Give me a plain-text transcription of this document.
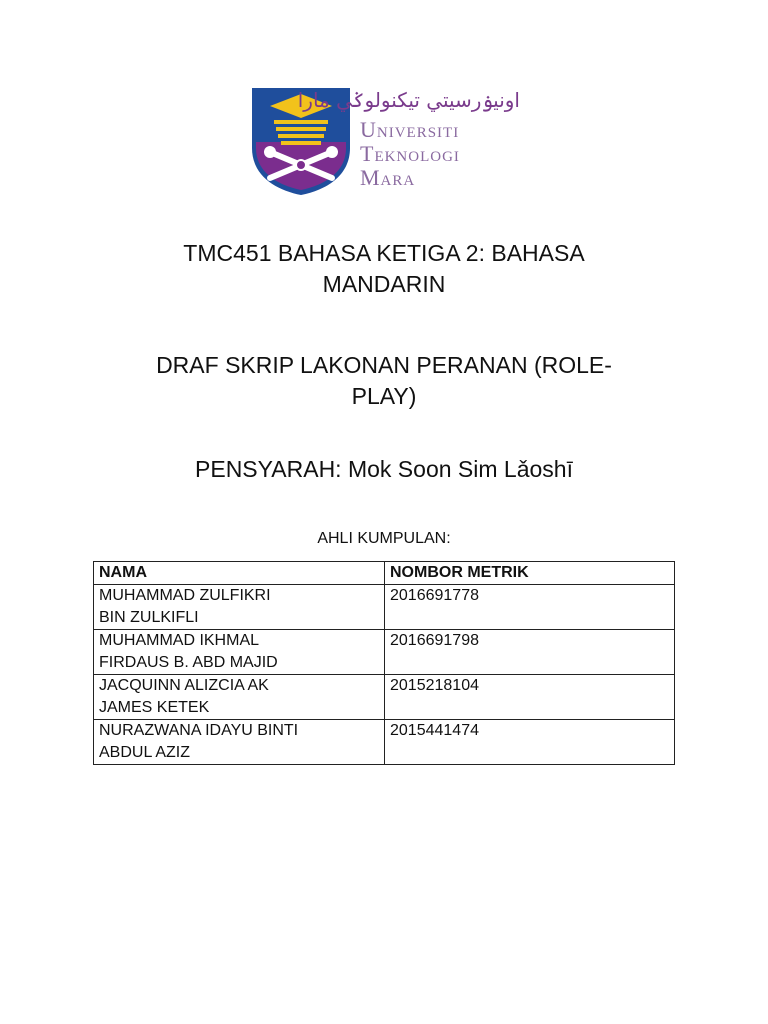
اونيۏرسيتي تيكنولوݢي مارا
Universiti
Teknologi
Mara
TMC451 BAHASA KETIGA 2: BAHASA
MANDARIN
DRAF SKRIP LAKONAN PERANAN (ROLE-
PLAY)
PENSYARAH: Mok Soon Sim Lǎoshī
AHLI KUMPULAN:
NAMA	NOMBOR METRIK

MUHAMMAD ZULFIKRI
BIN ZULKIFLI	2016691778

MUHAMMAD IKHMAL
FIRDAUS B. ABD MAJID	2016691798

JACQUINN ALIZCIA AK
JAMES KETEK	2015218104

NURAZWANA IDAYU BINTI
ABDUL AZIZ	2015441474
